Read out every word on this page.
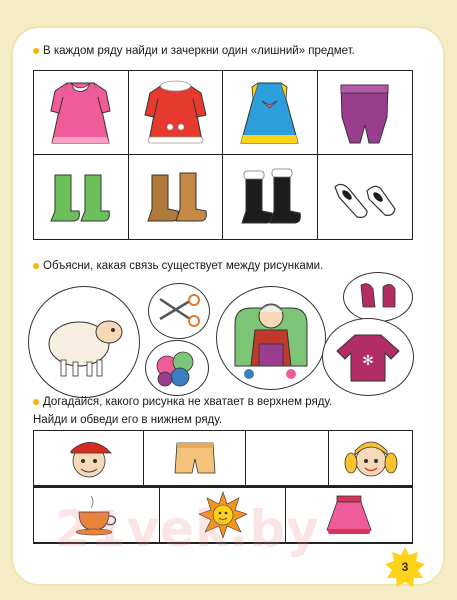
В каждом ряду найди и зачеркни один «лишний» предмет.
Объясни, какая связь существует между рисунками.
✻
Догадайся, какого рисунка не хватает в верхнем ряду.
Найди и обведи его в нижнем ряду.
21vek.by
3
